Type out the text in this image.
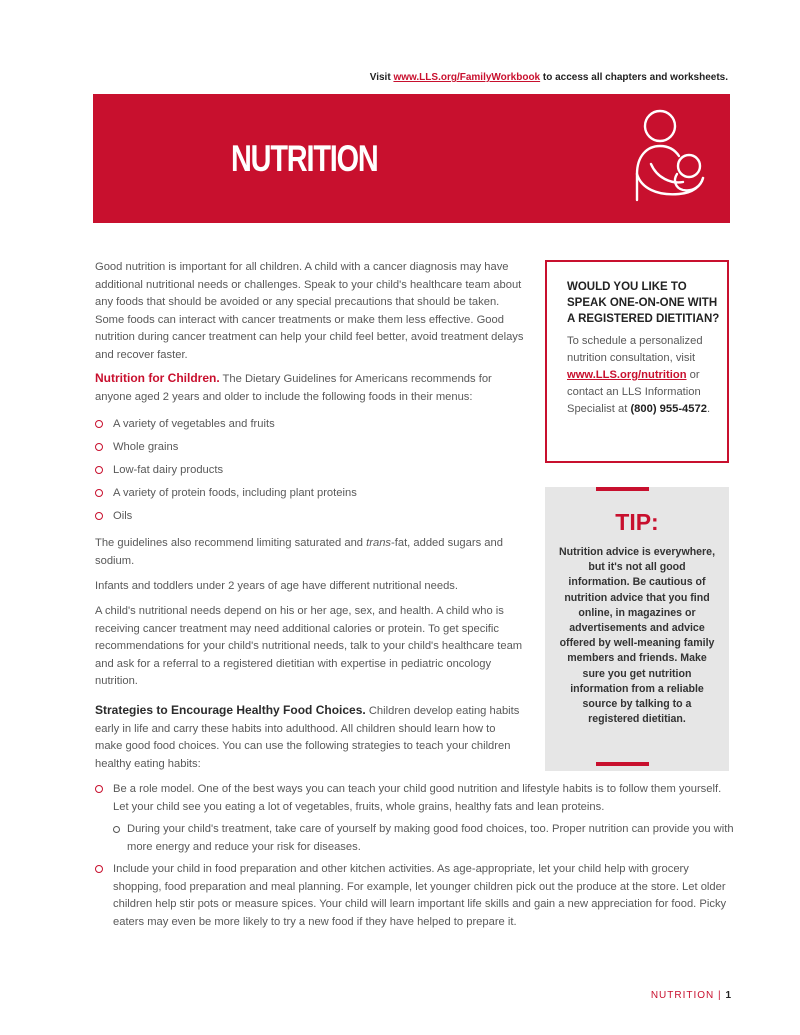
Visit www.LLS.org/FamilyWorkbook to access all chapters and worksheets.
NUTRITION
Good nutrition is important for all children. A child with a cancer diagnosis may have additional nutritional needs or challenges. Speak to your child's healthcare team about any foods that should be avoided or any special precautions that should be taken. Some foods can interact with cancer treatments or make them less effective. Good nutrition during cancer treatment can help your child feel better, avoid treatment delays and recover faster.
Nutrition for Children. The Dietary Guidelines for Americans recommends for anyone aged 2 years and older to include the following foods in their menus:
A variety of vegetables and fruits
Whole grains
Low-fat dairy products
A variety of protein foods, including plant proteins
Oils
The guidelines also recommend limiting saturated and trans-fat, added sugars and sodium.
Infants and toddlers under 2 years of age have different nutritional needs.
A child's nutritional needs depend on his or her age, sex, and health. A child who is receiving cancer treatment may need additional calories or protein. To get specific recommendations for your child's nutritional needs, talk to your child's healthcare team and ask for a referral to a registered dietitian with expertise in pediatric oncology nutrition.
Strategies to Encourage Healthy Food Choices. Children develop eating habits early in life and carry these habits into adulthood. All children should learn how to make good food choices. You can use the following strategies to teach your children healthy eating habits:
Be a role model. One of the best ways you can teach your child good nutrition and lifestyle habits is to follow them yourself. Let your child see you eating a lot of vegetables, fruits, whole grains, healthy fats and lean proteins.
During your child's treatment, take care of yourself by making good food choices, too. Proper nutrition can provide you with more energy and reduce your risk for diseases.
Include your child in food preparation and other kitchen activities. As age-appropriate, let your child help with grocery shopping, food preparation and meal planning. For example, let younger children pick out the produce at the store. Let older children help stir pots or measure spices. Your child will learn important life skills and gain a new appreciation for food. Picky eaters may even be more likely to try a new food if they have helped to prepare it.
WOULD YOU LIKE TO SPEAK ONE-ON-ONE WITH A REGISTERED DIETITIAN?
To schedule a personalized nutrition consultation, visit www.LLS.org/nutrition or contact an LLS Information Specialist at (800) 955-4572.
TIP:
Nutrition advice is everywhere, but it's not all good information. Be cautious of nutrition advice that you find online, in magazines or advertisements and advice offered by well-meaning family members and friends. Make sure you get nutrition information from a reliable source by talking to a registered dietitian.
NUTRITION | 1
